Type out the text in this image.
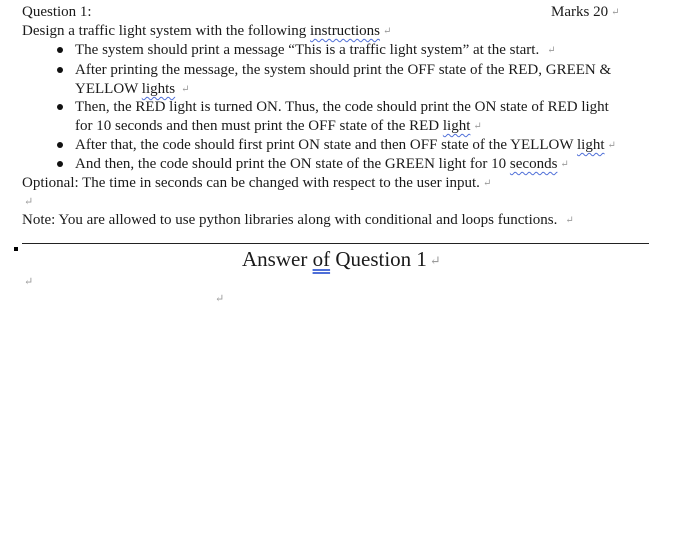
Question 1:	Marks 20 ↵
Design a traffic light system with the following instructions ↵
The system should print a message “This is a traffic light system” at the start. ↵
After printing the message, the system should print the OFF state of the RED, GREEN &
YELLOW lights ↵
Then, the RED light is turned ON. Thus, the code should print the ON state of RED light
for 10 seconds and then must print the OFF state of the RED light ↵
After that, the code should first print ON state and then OFF state of the YELLOW light ↵
And then, the code should print the ON state of the GREEN light for 10 seconds ↵
Optional: The time in seconds can be changed with respect to the user input. ↵
↵
Note: You are allowed to use python libraries along with conditional and loops functions. ↵
Answer of Question 1 ↵
↵
↵
